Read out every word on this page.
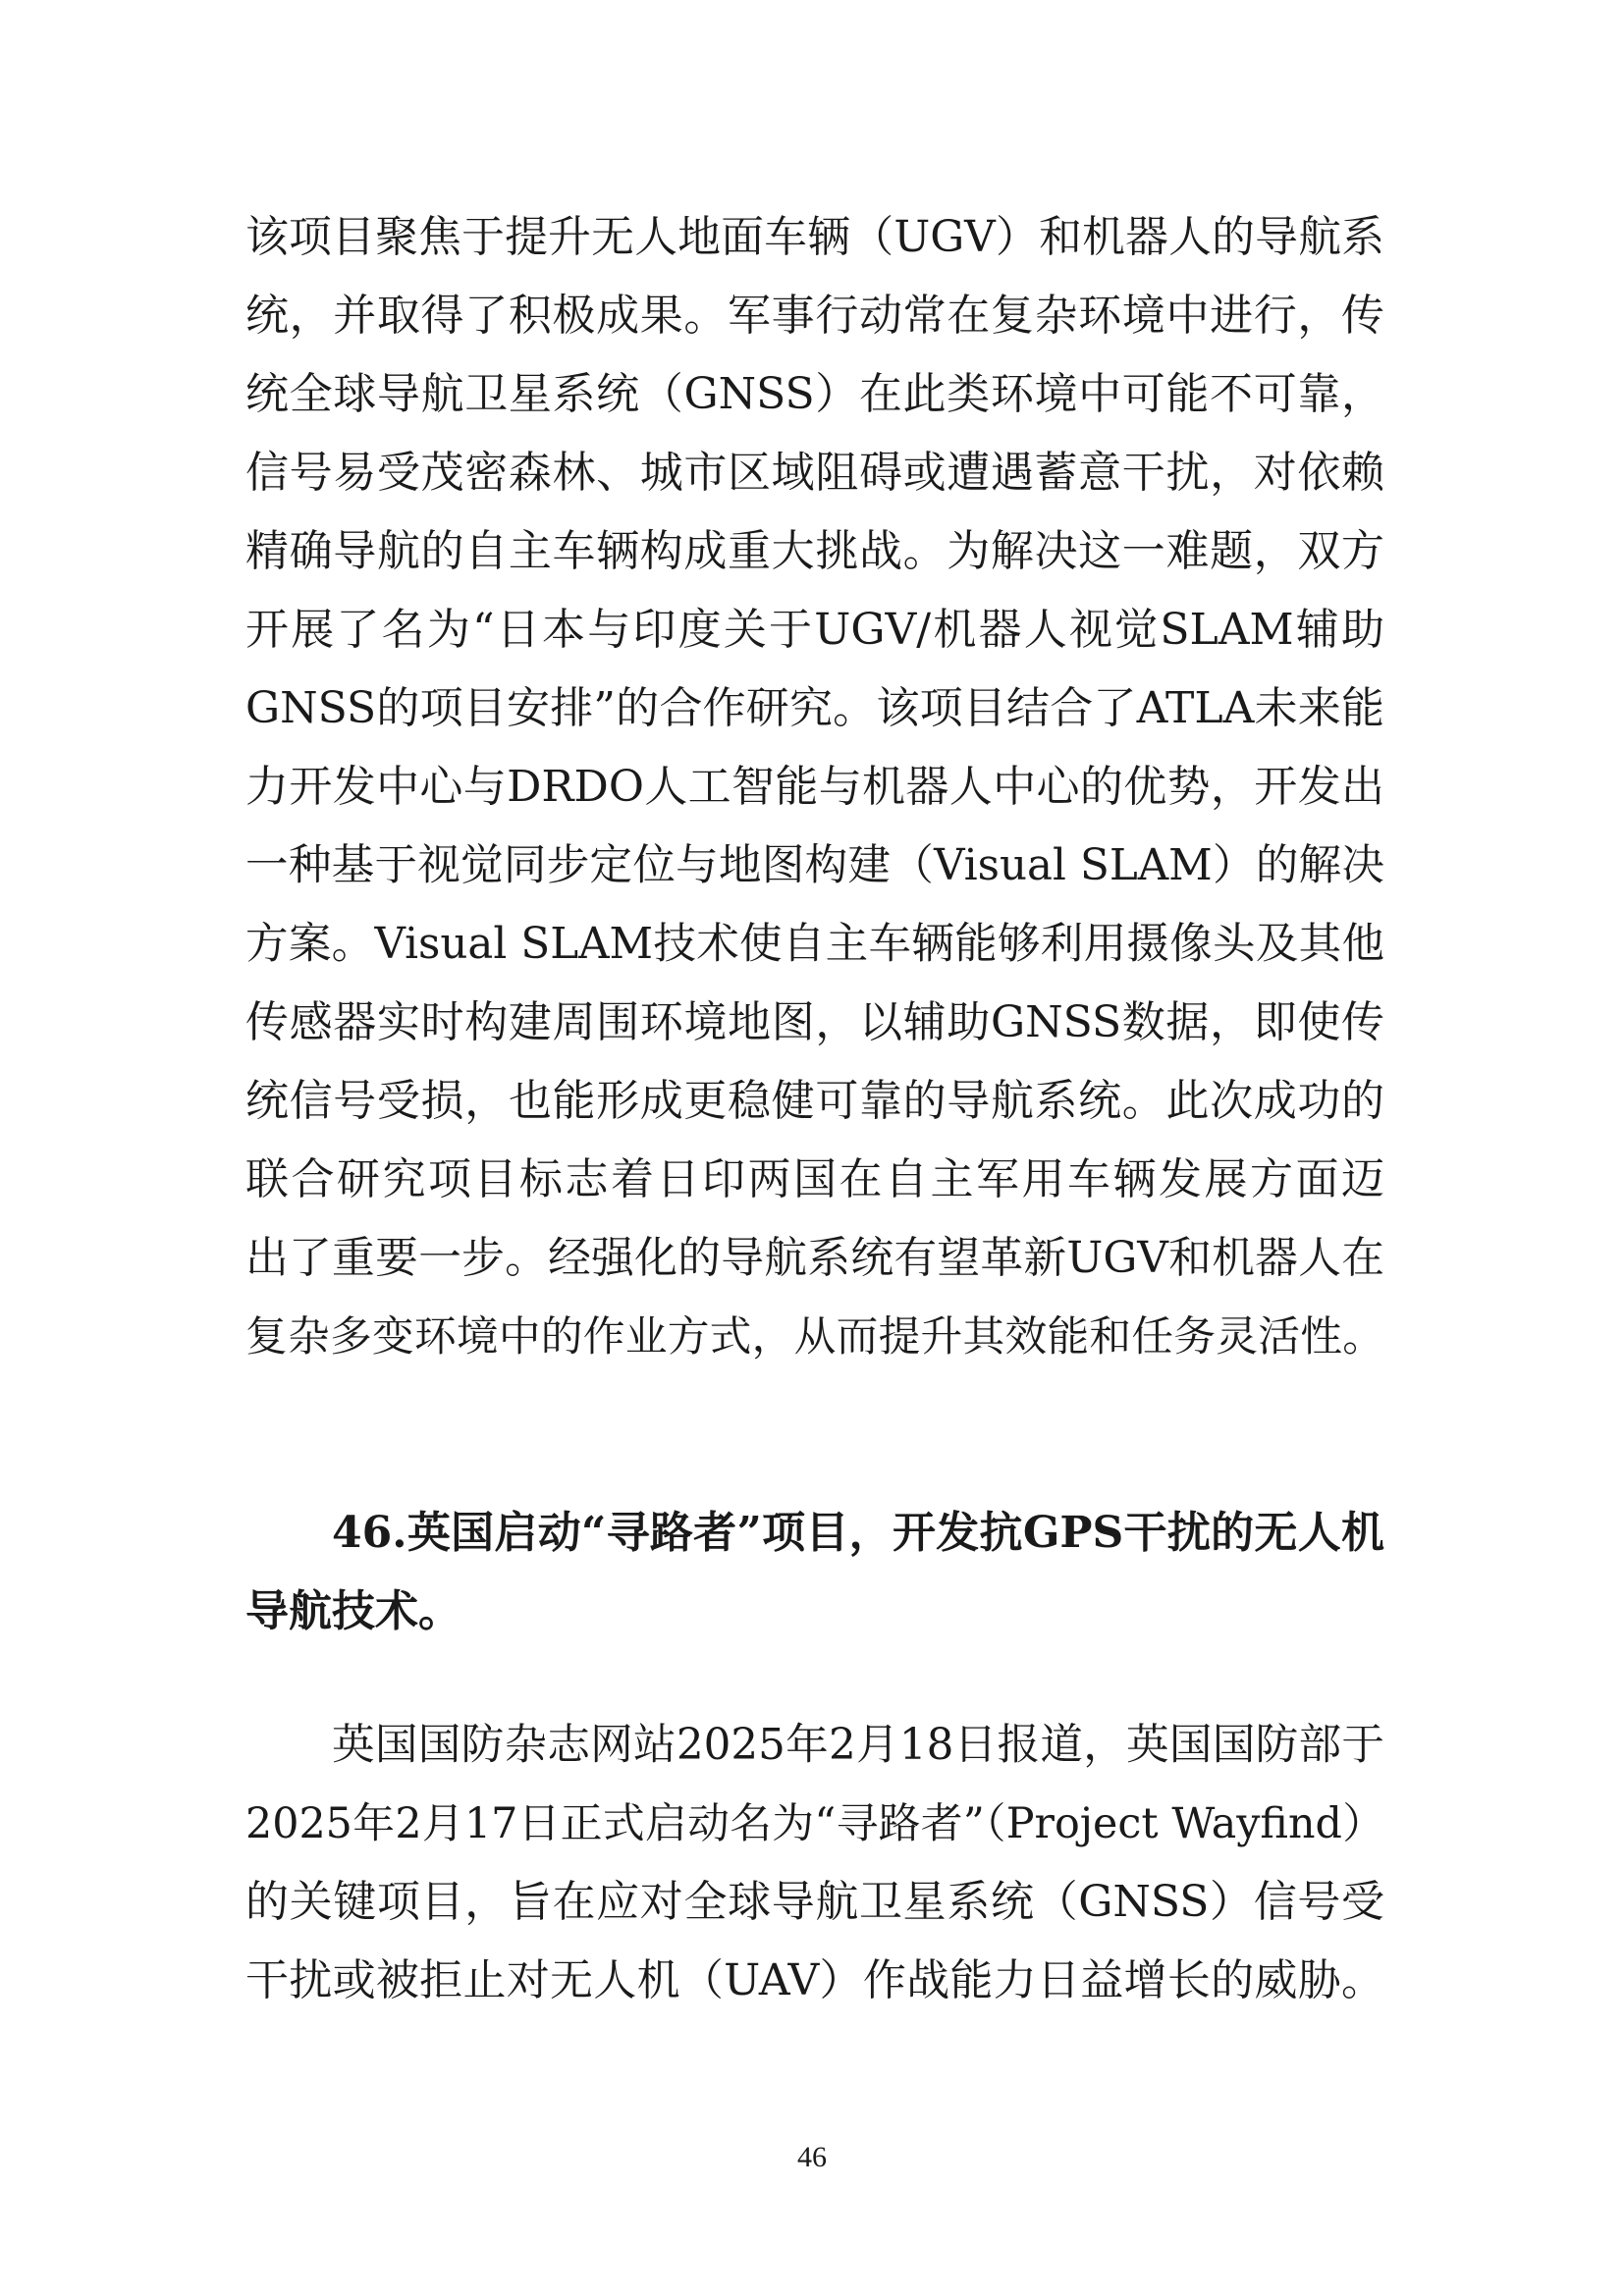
该项目聚焦于提升无人地面车辆（UGV）和机器人的导航系
统，并取得了积极成果。军事行动常在复杂环境中进行，传
统全球导航卫星系统（GNSS）在此类环境中可能不可靠，
信号易受茂密森林、城市区域阻碍或遭遇蓄意干扰，对依赖
精确导航的自主车辆构成重大挑战。为解决这一难题，双方
开展了名为“日本与印度关于UGV/机器人视觉SLAM辅助
GNSS的项目安排”的合作研究。该项目结合了ATLA未来能
力开发中心与DRDO人工智能与机器人中心的优势，开发出
一种基于视觉同步定位与地图构建（Visual SLAM）的解决
方案。Visual SLAM技术使自主车辆能够利用摄像头及其他
传感器实时构建周围环境地图，以辅助GNSS数据，即使传
统信号受损，也能形成更稳健可靠的导航系统。此次成功的
联合研究项目标志着日印两国在自主军用车辆发展方面迈
出了重要一步。经强化的导航系统有望革新UGV和机器人在
复杂多变环境中的作业方式，从而提升其效能和任务灵活性。
46.英国启动“寻路者”项目，开发抗GPS干扰的无人机
导航技术。
英国国防杂志网站2025年2月18日报道，英国国防部于
2025年2月17日正式启动名为“寻路者”（Project Wayfind）
的关键项目，旨在应对全球导航卫星系统（GNSS）信号受
干扰或被拒止对无人机（UAV）作战能力日益增长的威胁。
46
